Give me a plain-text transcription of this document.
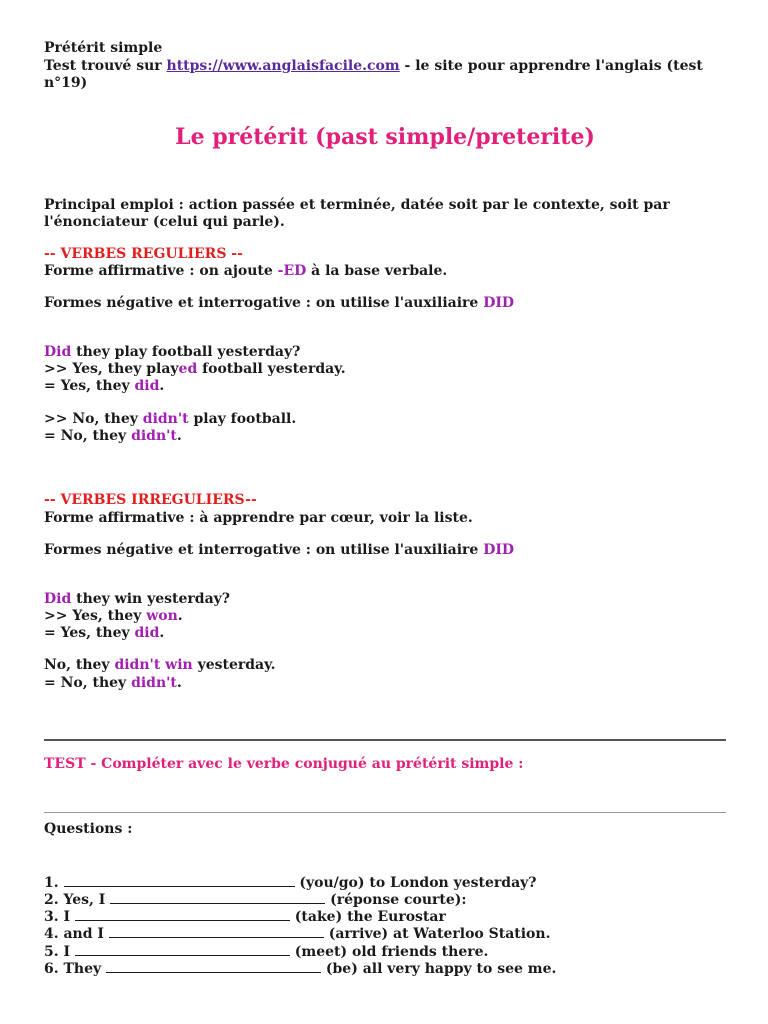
Prétérit simple
Test trouvé sur https://www.anglaisfacile.com - le site pour apprendre l'anglais (test
n°19)
Le prétérit (past simple/preterite)
Principal emploi : action passée et terminée, datée soit par le contexte, soit par
l'énonciateur (celui qui parle).
-- VERBES REGULIERS --
Forme affirmative : on ajoute -ED à la base verbale.
Formes négative et interrogative : on utilise l'auxiliaire DID
Did they play football yesterday?
>> Yes, they played football yesterday.
= Yes, they did.
>> No, they didn't play football.
= No, they didn't.
-- VERBES IRREGULIERS--
Forme affirmative : à apprendre par cœur, voir la liste.
Formes négative et interrogative : on utilise l'auxiliaire DID
Did they win yesterday?
>> Yes, they won.
= Yes, they did.
No, they didn't win yesterday.
= No, they didn't.
TEST - Compléter avec le verbe conjugué au prétérit simple :
Questions :
1.	(you/go) to London yesterday?
2. Yes, I	(réponse courte):
3. I	(take) the Eurostar
4. and I	(arrive) at Waterloo Station.
5. I	(meet) old friends there.
6. They	(be) all very happy to see me.
